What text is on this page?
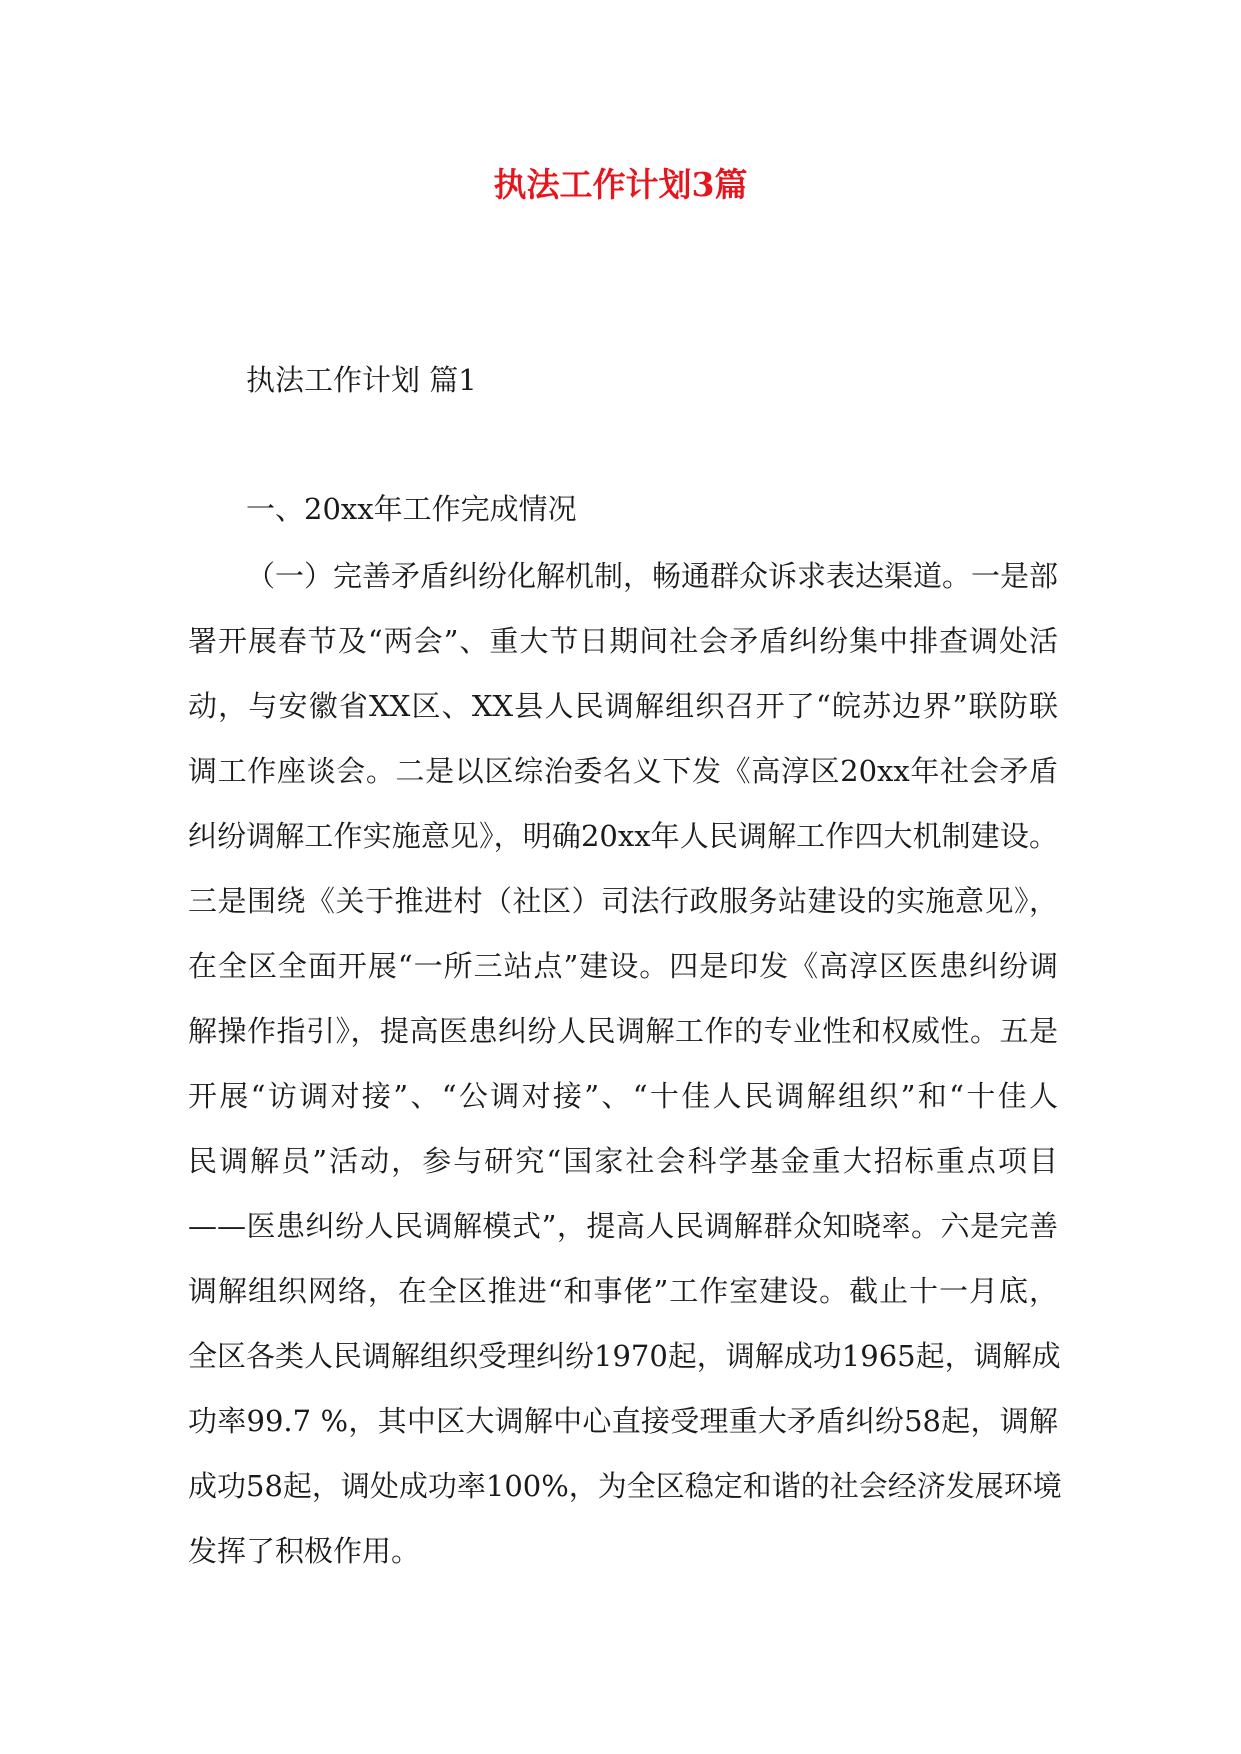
执法工作计划3篇

执法工作计划 篇1

一、20xx年工作完成情况

（一）完善矛盾纠纷化解机制，畅通群众诉求表达渠道。一是部
署开展春节及“两会”、重大节日期间社会矛盾纠纷集中排查调处活
动，与安徽省XX区、XX县人民调解组织召开了“皖苏边界”联防联
调工作座谈会。二是以区综治委名义下发《高淳区20xx年社会矛盾
纠纷调解工作实施意见》，明确20xx年人民调解工作四大机制建设。
三是围绕《关于推进村（社区）司法行政服务站建设的实施意见》，
在全区全面开展“一所三站点”建设。四是印发《高淳区医患纠纷调
解操作指引》，提高医患纠纷人民调解工作的专业性和权威性。五是
开展“访调对接”、“公调对接”、“十佳人民调解组织”和“十佳人
民调解员”活动，参与研究“国家社会科学基金重大招标重点项目
——医患纠纷人民调解模式”，提高人民调解群众知晓率。六是完善
调解组织网络，在全区推进“和事佬”工作室建设。截止十一月底，
全区各类人民调解组织受理纠纷1970起，调解成功1965起，调解成
功率99.7 %，其中区大调解中心直接受理重大矛盾纠纷58起，调解
成功58起，调处成功率100%，为全区稳定和谐的社会经济发展环境
发挥了积极作用。
